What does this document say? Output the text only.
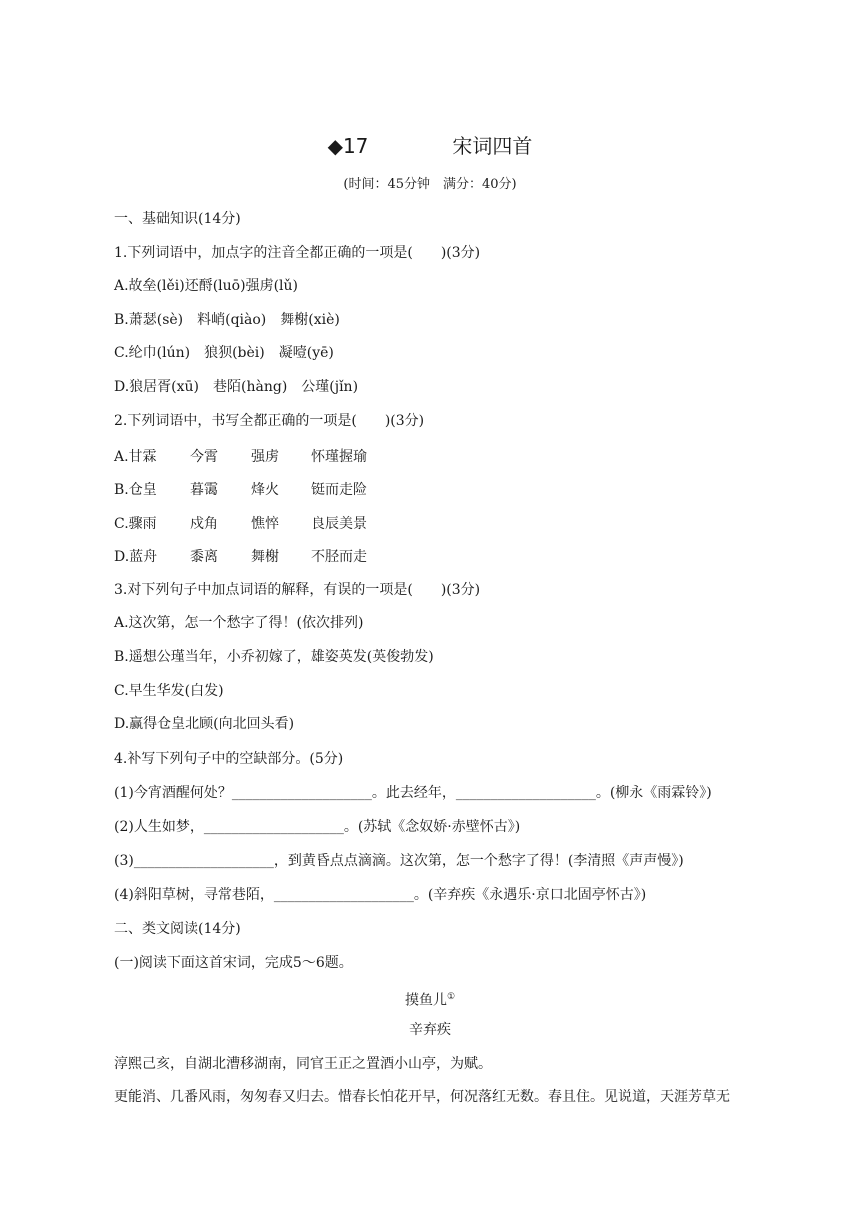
◆17	宋词四首
(时间：45分钟　满分：40分)
一、基础知识(14分)
1.下列词语中，加点字的注音全都正确的一项是(　　)(3分)
A.故垒(lěi)还酹(luō)强虏(lǔ)
B.萧瑟(sè)　料峭(qiào)　舞榭(xiè)
C.纶巾(lún)　狼狈(bèi)　凝噎(yē)
D.狼居胥(xū)　巷陌(hàng)　公瑾(jǐn)
2.下列词语中，书写全都正确的一项是(　　)(3分)
A.甘霖 今霄 强虏 怀瑾握瑜
B.仓皇 暮霭 烽火 铤而走险
C.骤雨 戍角 憔悴 良辰美景
D.蓝舟 黍离 舞榭 不胫而走
3.对下列句子中加点词语的解释，有误的一项是(　　)(3分)
A.这次第，怎一个愁字了得！(依次排列)
B.遥想公瑾当年，小乔初嫁了，雄姿英发(英俊勃发)
C.早生华发(白发)
D.赢得仓皇北顾(向北回头看)
4.补写下列句子中的空缺部分。(5分)
(1)今宵酒醒何处？____________________。此去经年，____________________。(柳永《雨霖铃》)
(2)人生如梦，____________________。(苏轼《念奴娇·赤壁怀古》)
(3)____________________，到黄昏点点滴滴。这次第，怎一个愁字了得！(李清照《声声慢》)
(4)斜阳草树，寻常巷陌，____________________。(辛弃疾《永遇乐·京口北固亭怀古》)
二、类文阅读(14分)
(一)阅读下面这首宋词，完成5～6题。
摸鱼儿①
辛弃疾
淳熙己亥，自湖北漕移湖南，同官王正之置酒小山亭，为赋。
更能消、几番风雨，匆匆春又归去。惜春长怕花开早，何况落红无数。春且住。见说道，天涯芳草无
